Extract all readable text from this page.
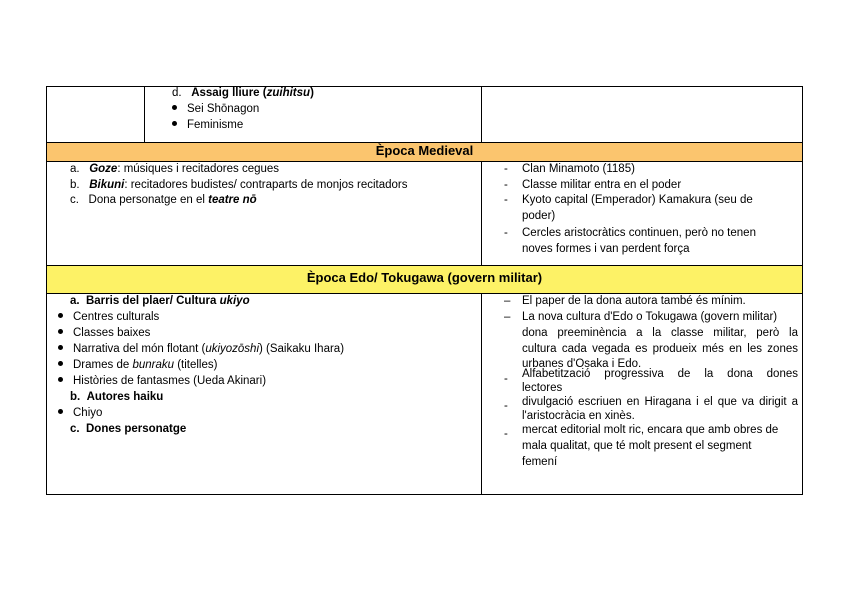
Època Medieval
Època Edo/ Tokugawa (govern militar)
d. Assaig lliure (zuihitsu)
Sei Shōnagon
Feminisme
a. Goze: músiques i recitadores cegues
b. Bikuni: recitadores budistes/ contraparts de monjos recitadors
c. Dona personatge en el teatre nō
- Clan Minamoto (1185)
- Classe militar entra en el poder
- Kyoto capital (Emperador) Kamakura (seu de
poder)
- Cercles aristocràtics continuen, però no tenen
noves formes i van perdent força
a. Barris del plaer/ Cultura ukiyo
Centres culturals
Classes baixes
Narrativa del món flotant (ukiyozōshi) (Saikaku Ihara)
Drames de bunraku (titelles)
Històries de fantasmes (Ueda Akinari)
b. Autores haiku
Chiyo
c. Dones personatge
– El paper de la dona autora també és mínim.
– La nova cultura d'Edo o Tokugawa (govern militar)
dona preeminència a la classe militar, però la
cultura cada vegada es produeix més en les zones
urbanes d'Osaka i Edo.
- Alfabetització progressiva de la dona dones
lectores
- divulgació escriuen en Hiragana i el que va dirigit a
l'aristocràcia en xinès.
- mercat editorial molt ric, encara que amb obres de
mala qualitat, que té molt present el segment
femení
